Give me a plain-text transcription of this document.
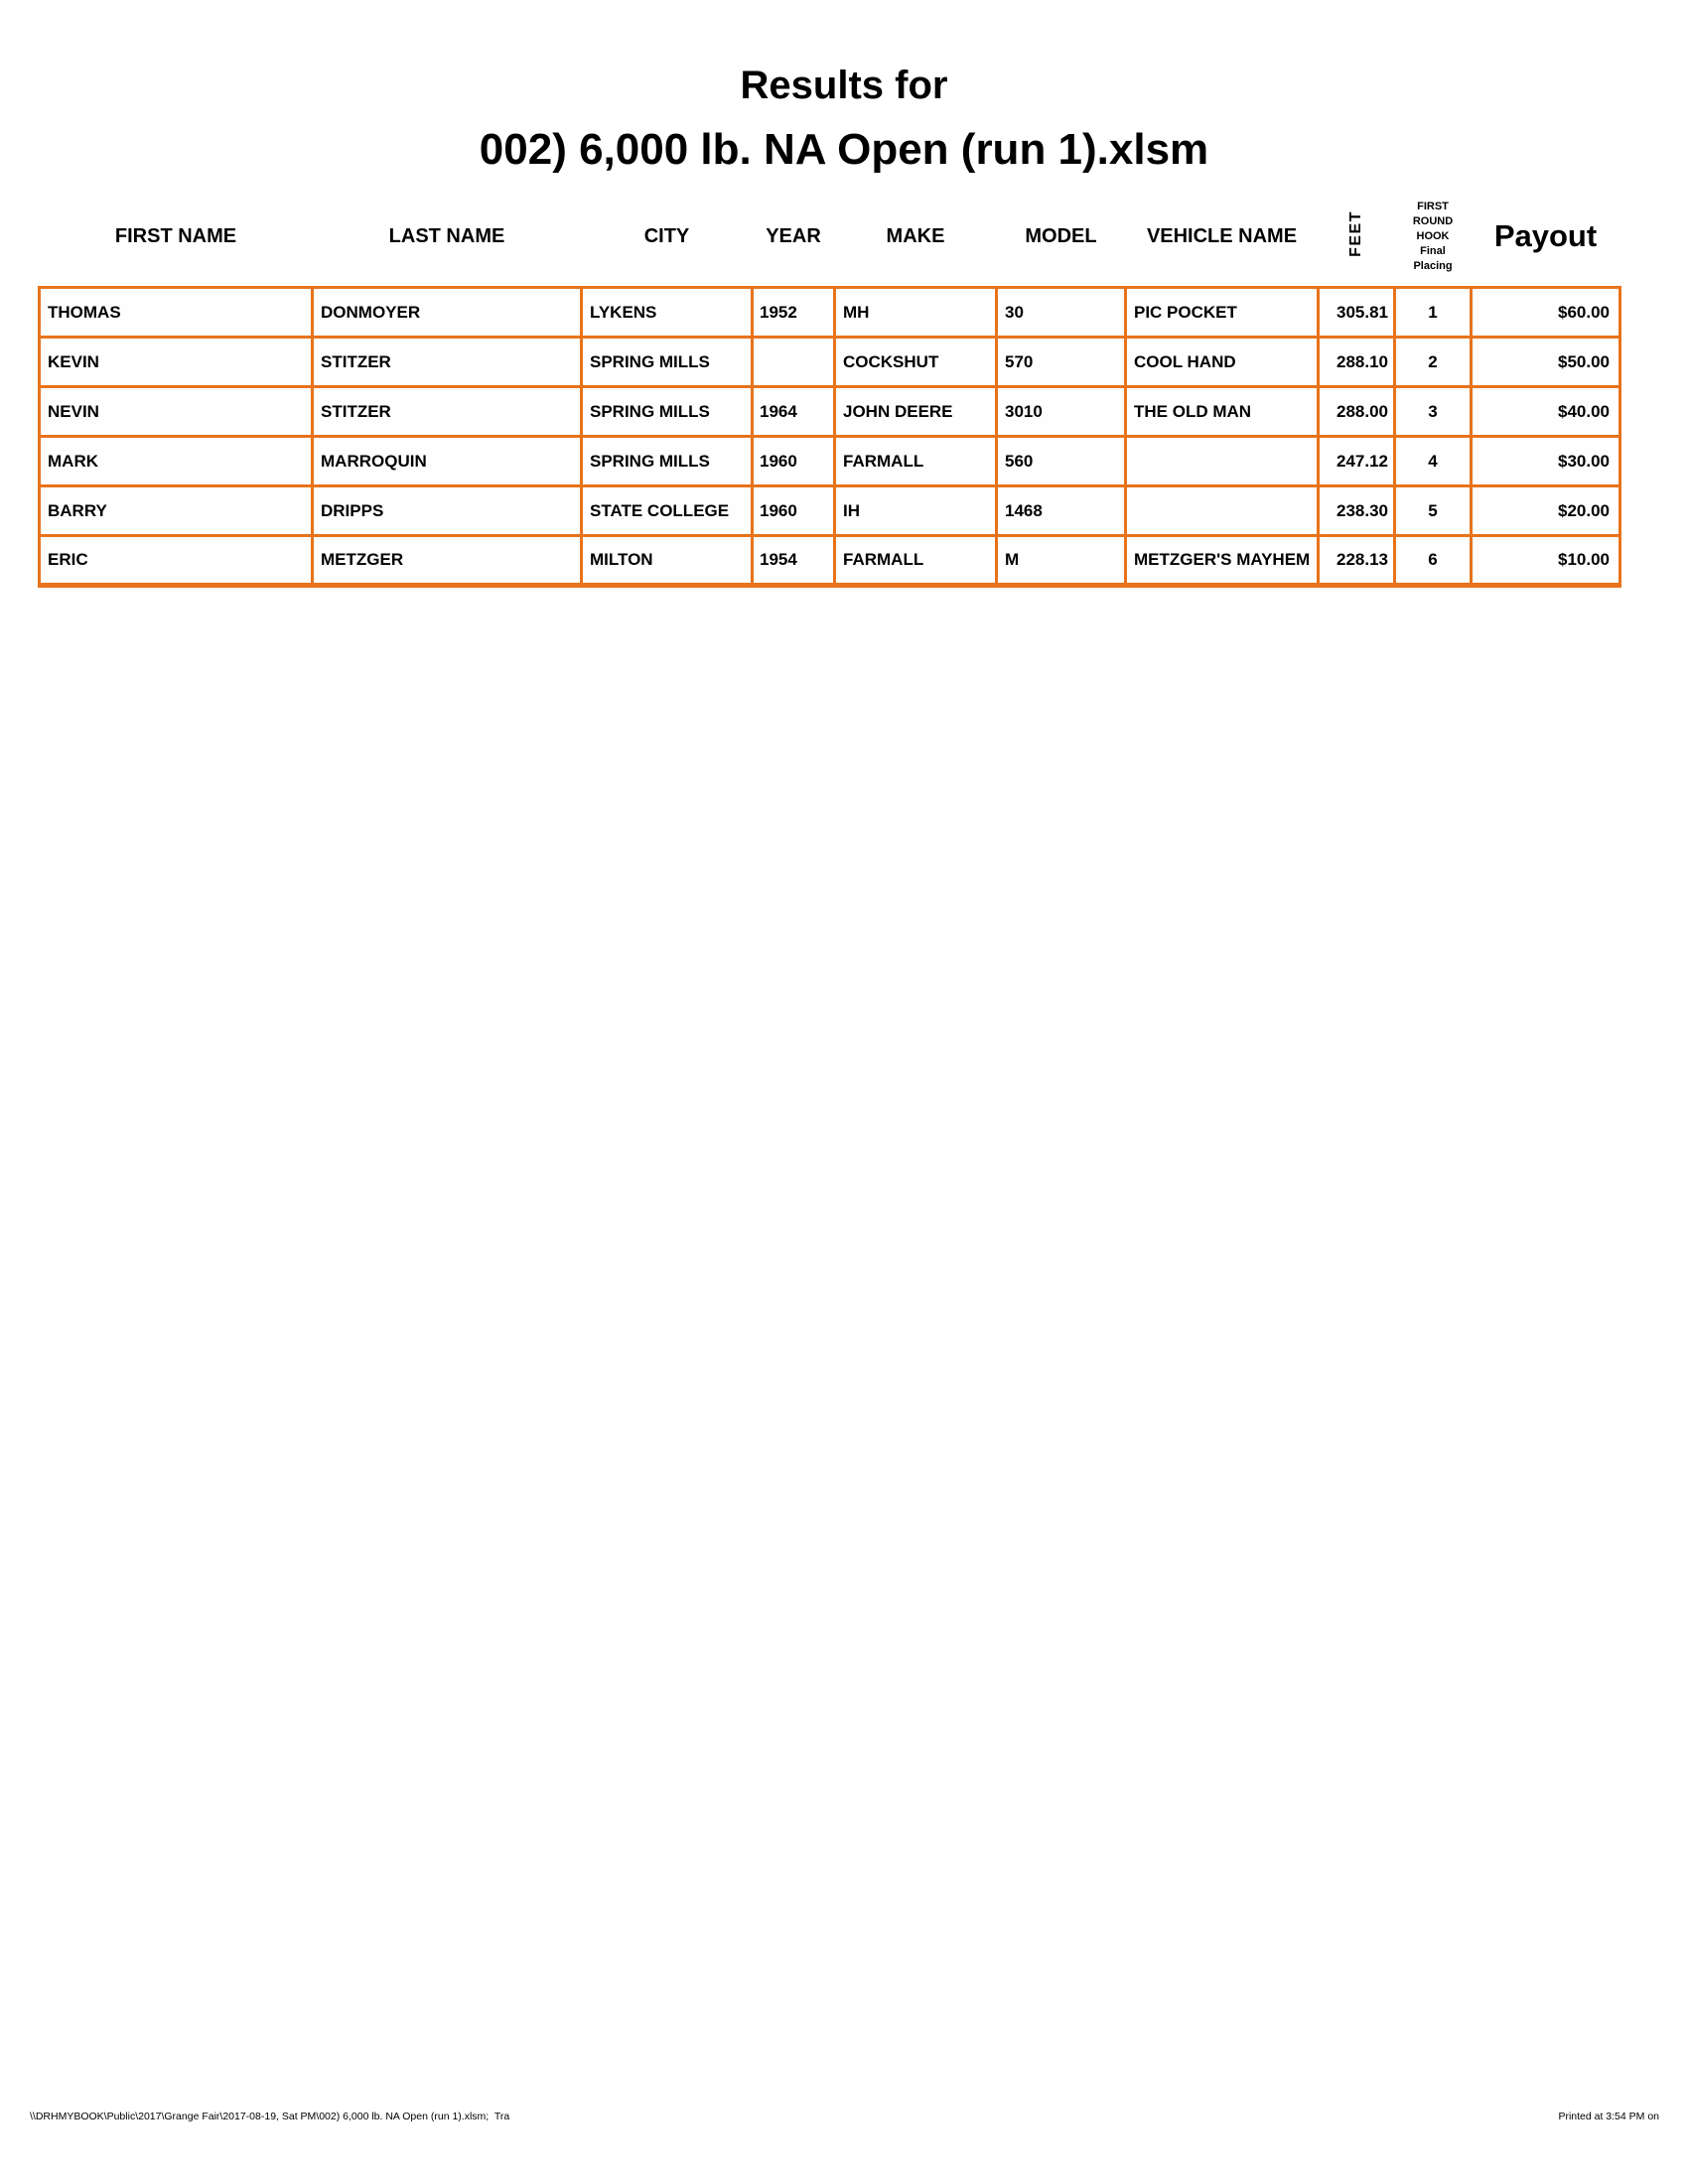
Results for
002) 6,000 lb. NA Open (run 1).xlsm
FIRST NAME	LAST NAME	CITY	YEAR	MAKE	MODEL	VEHICLE NAME	FEET	FIRST
ROUND
HOOK
Final
Placing	Payout
THOMAS	DONMOYER	LYKENS	1952	MH	30	PIC POCKET	305.81	1	$60.00
KEVIN	STITZER	SPRING MILLS		COCKSHUT	570	COOL HAND	288.10	2	$50.00
NEVIN	STITZER	SPRING MILLS	1964	JOHN DEERE	3010	THE OLD MAN	288.00	3	$40.00
MARK	MARROQUIN	SPRING MILLS	1960	FARMALL	560		247.12	4	$30.00
BARRY	DRIPPS	STATE COLLEGE	1960	IH	1468		238.30	5	$20.00
ERIC	METZGER	MILTON	1954	FARMALL	M	METZGER'S MAYHEM	228.13	6	$10.00
\\DRHMYBOOK\Public\2017\Grange Fair\2017-08-19, Sat PM\002) 6,000 lb. NA Open (run 1).xlsm;  Tra	Printed at 3:54 PM on
